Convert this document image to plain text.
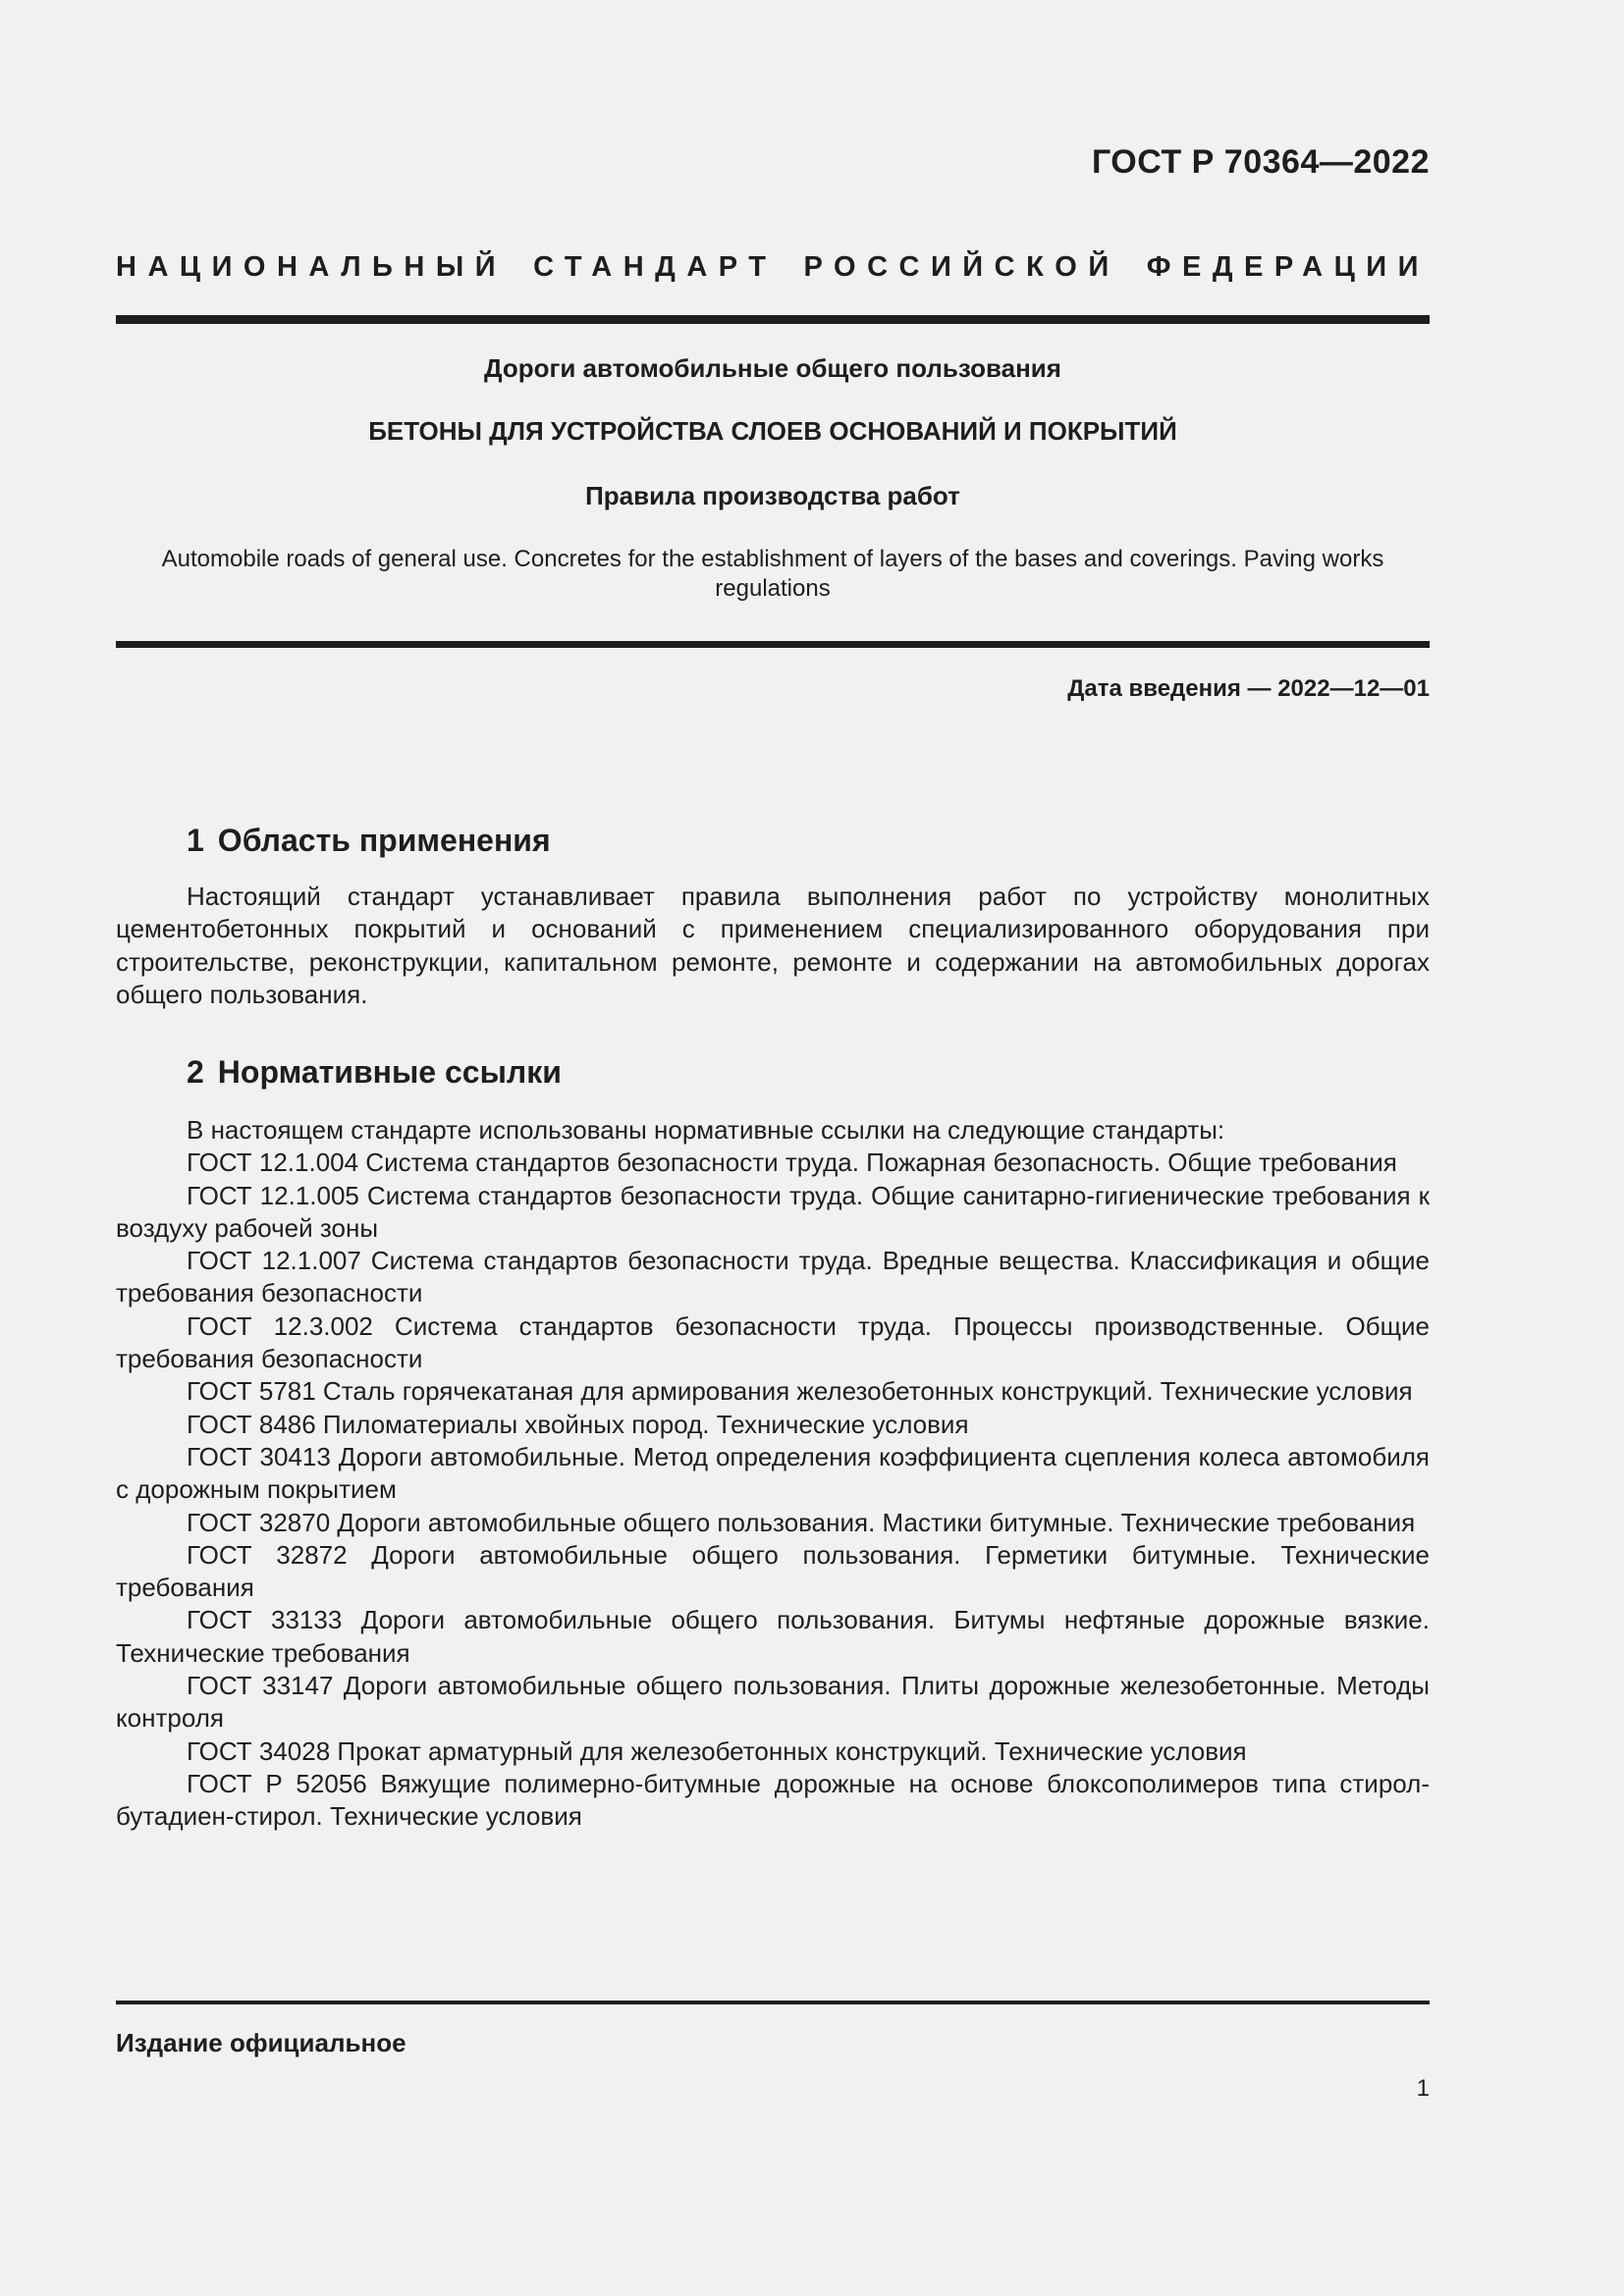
ГОСТ Р 70364—2022
НАЦИОНАЛЬНЫЙ СТАНДАРТ РОССИЙСКОЙ ФЕДЕРАЦИИ
Дороги автомобильные общего пользования
БЕТОНЫ ДЛЯ УСТРОЙСТВА СЛОЕВ ОСНОВАНИЙ И ПОКРЫТИЙ
Правила производства работ
Automobile roads of general use. Concretes for the establishment of layers of the bases and coverings. Paving works regulations
Дата введения — 2022—12—01
1 Область применения
Настоящий стандарт устанавливает правила выполнения работ по устройству монолитных цементобетонных покрытий и оснований с применением специализированного оборудования при строительстве, реконструкции, капитальном ремонте, ремонте и содержании на автомобильных дорогах общего пользования.
2 Нормативные ссылки
В настоящем стандарте использованы нормативные ссылки на следующие стандарты:
ГОСТ 12.1.004 Система стандартов безопасности труда. Пожарная безопасность. Общие требования
ГОСТ 12.1.005 Система стандартов безопасности труда. Общие санитарно-гигиенические требования к воздуху рабочей зоны
ГОСТ 12.1.007 Система стандартов безопасности труда. Вредные вещества. Классификация и общие требования безопасности
ГОСТ 12.3.002 Система стандартов безопасности труда. Процессы производственные. Общие требования безопасности
ГОСТ 5781 Сталь горячекатаная для армирования железобетонных конструкций. Технические условия
ГОСТ 8486 Пиломатериалы хвойных пород. Технические условия
ГОСТ 30413 Дороги автомобильные. Метод определения коэффициента сцепления колеса автомобиля с дорожным покрытием
ГОСТ 32870 Дороги автомобильные общего пользования. Мастики битумные. Технические требования
ГОСТ 32872 Дороги автомобильные общего пользования. Герметики битумные. Технические требования
ГОСТ 33133 Дороги автомобильные общего пользования. Битумы нефтяные дорожные вязкие. Технические требования
ГОСТ 33147 Дороги автомобильные общего пользования. Плиты дорожные железобетонные. Методы контроля
ГОСТ 34028 Прокат арматурный для железобетонных конструкций. Технические условия
ГОСТ Р 52056 Вяжущие полимерно-битумные дорожные на основе блоксополимеров типа стирол-бутадиен-стирол. Технические условия
Издание официальное
1
